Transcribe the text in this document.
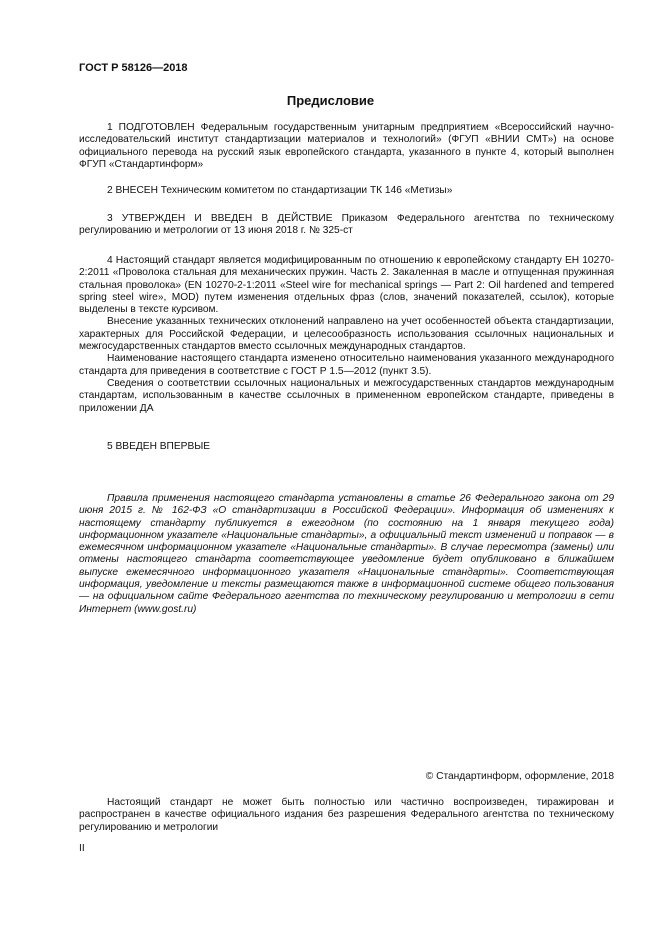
ГОСТ Р 58126—2018
Предисловие

1 ПОДГОТОВЛЕН Федеральным государственным унитарным предприятием «Всероссийский научно-исследовательский институт стандартизации материалов и технологий» (ФГУП «ВНИИ СМТ») на основе официального перевода на русский язык европейского стандарта, указанного в пункте 4, который выполнен ФГУП «Стандартинформ»

2 ВНЕСЕН Техническим комитетом по стандартизации ТК 146 «Метизы»

3 УТВЕРЖДЕН И ВВЕДЕН В ДЕЙСТВИЕ Приказом Федерального агентства по техническому регулированию и метрологии от 13 июня 2018 г. № 325-ст

4 Настоящий стандарт является модифицированным по отношению к европейскому стандарту ЕН 10270-2:2011 «Проволока стальная для механических пружин. Часть 2. Закаленная в масле и отпущенная пружинная стальная проволока» (EN 10270-2-1:2011 «Steel wire for mechanical springs — Part 2: Oil hardened and tempered spring steel wire», MOD) путем изменения отдельных фраз (слов, значений показателей, ссылок), которые выделены в тексте курсивом.

Внесение указанных технических отклонений направлено на учет особенностей объекта стандартизации, характерных для Российской Федерации, и целесообразность использования ссылочных национальных и межгосударственных стандартов вместо ссылочных международных стандартов.

Наименование настоящего стандарта изменено относительно наименования указанного международного стандарта для приведения в соответствие с ГОСТ Р 1.5—2012 (пункт 3.5).

Сведения о соответствии ссылочных национальных и межгосударственных стандартов международным стандартам, использованным в качестве ссылочных в примененном европейском стандарте, приведены в приложении ДА

5 ВВЕДЕН ВПЕРВЫЕ

Правила применения настоящего стандарта установлены в статье 26 Федерального закона от 29 июня 2015 г. № 162-ФЗ «О стандартизации в Российской Федерации». Информация об изменениях к настоящему стандарту публикуется в ежегодном (по состоянию на 1 января текущего года) информационном указателе «Национальные стандарты», а официальный текст изменений и поправок — в ежемесячном информационном указателе «Национальные стандарты». В случае пересмотра (замены) или отмены настоящего стандарта соответствующее уведомление будет опубликовано в ближайшем выпуске ежемесячного информационного указателя «Национальные стандарты». Соответствующая информация, уведомление и тексты размещаются также в информационной системе общего пользования — на официальном сайте Федерального агентства по техническому регулированию и метрологии в сети Интернет (www.gost.ru)

© Стандартинформ, оформление, 2018

Настоящий стандарт не может быть полностью или частично воспроизведен, тиражирован и распространен в качестве официального издания без разрешения Федерального агентства по техническому регулированию и метрологии

II
